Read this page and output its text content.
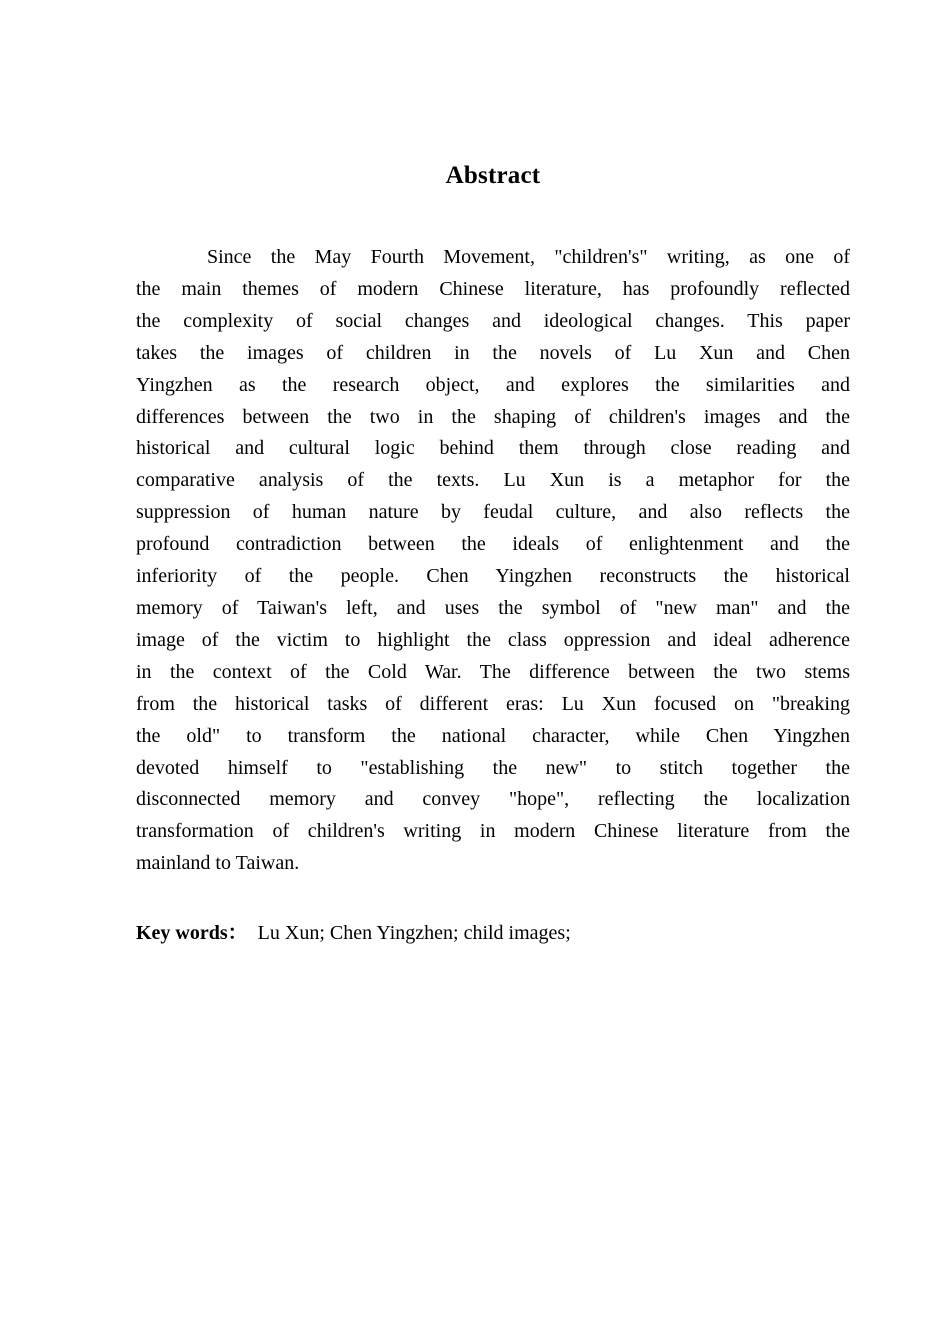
Abstract
Since the May Fourth Movement, "children's" writing, as one of
the main themes of modern Chinese literature, has profoundly reflected
the complexity of social changes and ideological changes. This paper
takes the images of children in the novels of Lu Xun and Chen
Yingzhen as the research object, and explores the similarities and
differences between the two in the shaping of children's images and the
historical and cultural logic behind them through close reading and
comparative analysis of the texts. Lu Xun is a metaphor for the
suppression of human nature by feudal culture, and also reflects the
profound contradiction between the ideals of enlightenment and the
inferiority of the people. Chen Yingzhen reconstructs the historical
memory of Taiwan's left, and uses the symbol of "new man" and the
image of the victim to highlight the class oppression and ideal adherence
in the context of the Cold War. The difference between the two stems
from the historical tasks of different eras: Lu Xun focused on "breaking
the old" to transform the national character, while Chen Yingzhen
devoted himself to "establishing the new" to stitch together the
disconnected memory and convey "hope", reflecting the localization
transformation of children's writing in modern Chinese literature from the
mainland to Taiwan.
Key words： Lu Xun; Chen Yingzhen; child images;
